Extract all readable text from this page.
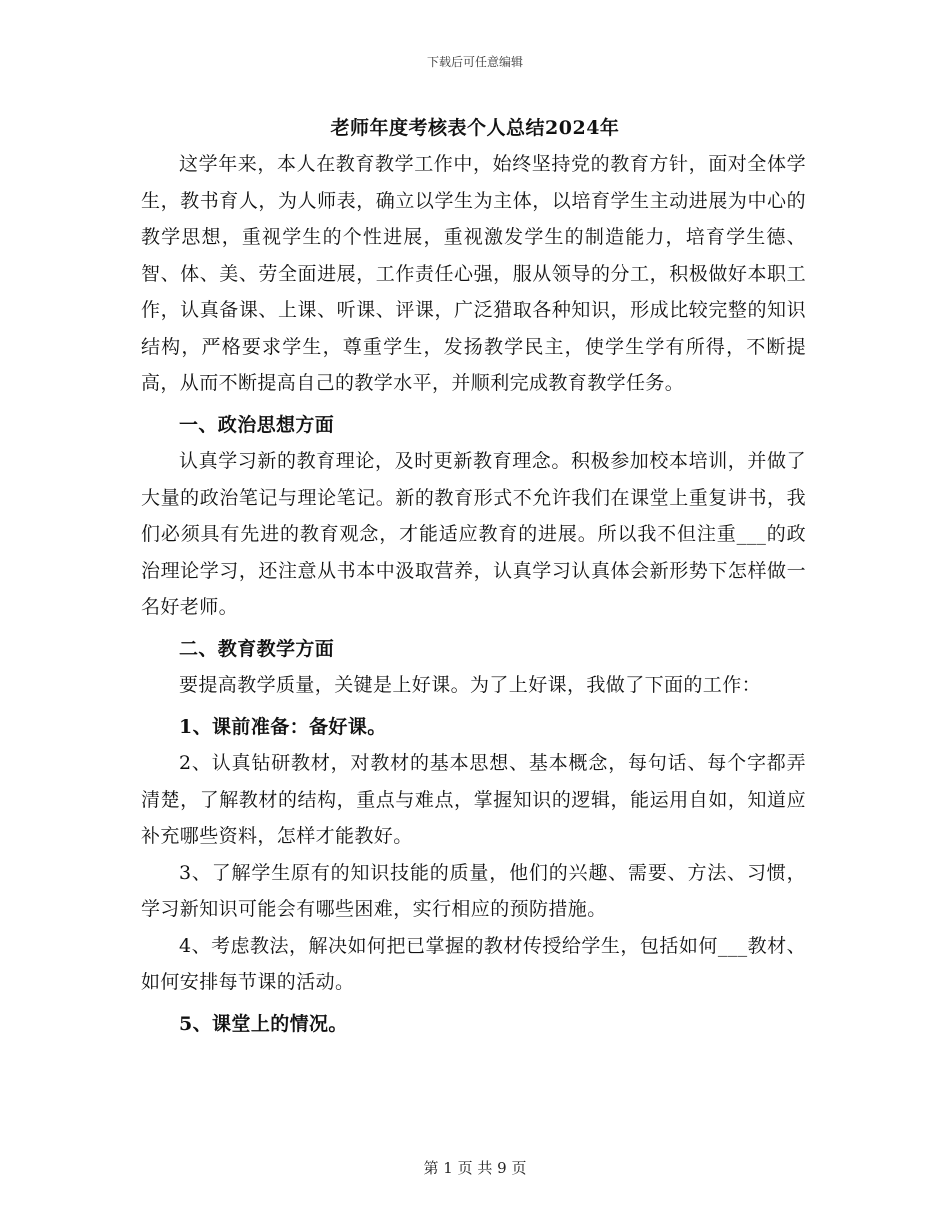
下载后可任意编辑
老师年度考核表个人总结2024年

这学年来，本人在教育教学工作中，始终坚持党的教育方针，面对全体学生，教书育人，为人师表，确立以学生为主体，以培育学生主动进展为中心的教学思想，重视学生的个性进展，重视激发学生的制造能力，培育学生德、智、体、美、劳全面进展，工作责任心强，服从领导的分工，积极做好本职工作，认真备课、上课、听课、评课，广泛猎取各种知识，形成比较完整的知识结构，严格要求学生，尊重学生，发扬教学民主，使学生学有所得，不断提高，从而不断提高自己的教学水平，并顺利完成教育教学任务。

一、政治思想方面

认真学习新的教育理论，及时更新教育理念。积极参加校本培训，并做了大量的政治笔记与理论笔记。新的教育形式不允许我们在课堂上重复讲书，我们必须具有先进的教育观念，才能适应教育的进展。所以我不但注重___的政治理论学习，还注意从书本中汲取营养，认真学习认真体会新形势下怎样做一名好老师。

二、教育教学方面

要提高教学质量，关键是上好课。为了上好课，我做了下面的工作：

1、课前准备：备好课。

2、认真钻研教材，对教材的基本思想、基本概念，每句话、每个字都弄清楚，了解教材的结构，重点与难点，掌握知识的逻辑，能运用自如，知道应补充哪些资料，怎样才能教好。

3、了解学生原有的知识技能的质量，他们的兴趣、需要、方法、习惯，学习新知识可能会有哪些困难，实行相应的预防措施。

4、考虑教法，解决如何把已掌握的教材传授给学生，包括如何___教材、如何安排每节课的活动。

5、课堂上的情况。

第 1 页 共 9 页
